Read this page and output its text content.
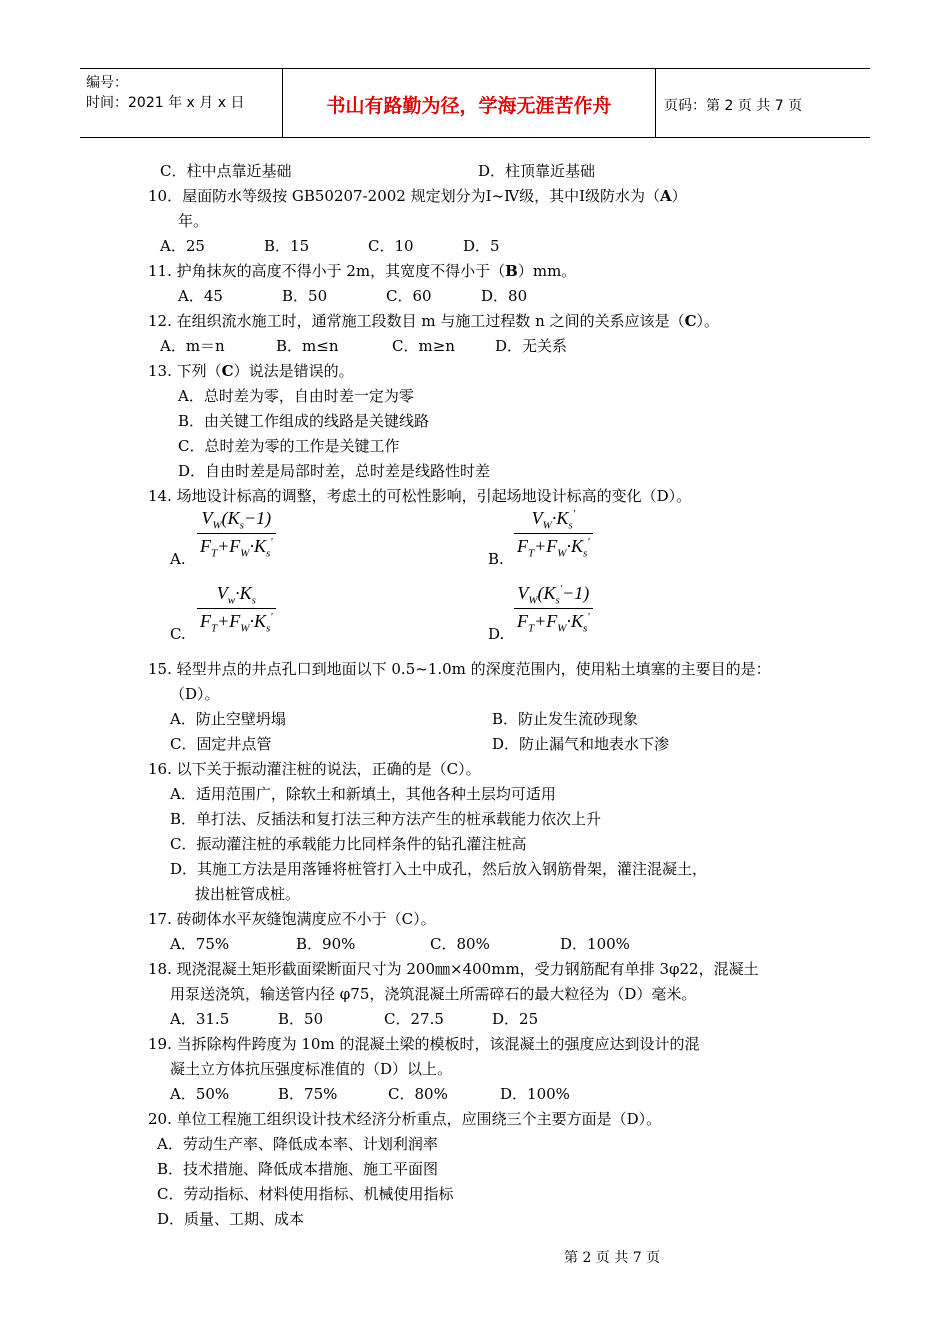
编号：
时间：2021 年 x 月 x 日	书山有路勤为径，学海无涯苦作舟	页码：第 2 页 共 7 页
C．柱中点靠近基础	D．柱顶靠近基础
10．屋面防水等级按 GB50207-2002 规定划分为Ⅰ~Ⅳ级，其中Ⅰ级防水为（A）
年。
A．25	B．15	C．10	D．5
11. 护角抹灰的高度不得小于 2m，其宽度不得小于（B）mm。
A．45	B．50	C．60	D．80
12. 在组织流水施工时，通常施工段数目 m 与施工过程数 n 之间的关系应该是（C）。
A．m＝n	B．m≤n	C．m≥n	D．无关系
13. 下列（C）说法是错误的。
A．总时差为零，自由时差一定为零
B．由关键工作组成的线路是关键线路
C．总时差为零的工作是关键工作
D．自由时差是局部时差，总时差是线路性时差
14. 场地设计标高的调整，考虑土的可松性影响，引起场地设计标高的变化（D）。
A. $\frac{V_W(K_s-1)}{F_T+F_W\cdot K_s'}$	B. $\frac{V_W\cdot K_s'}{F_T+F_W\cdot K_s'}$
C. $\frac{V_w\cdot K_s}{F_T+F_W\cdot K_s'}$	D. $\frac{V_W(K_s'-1)}{F_T+F_W\cdot K_s'}$
15. 轻型井点的井点孔口到地面以下 0.5~1.0m 的深度范围内，使用粘土填塞的主要目的是：
（D）。
A．防止空壁坍塌	B．防止发生流砂现象
C．固定井点管	D．防止漏气和地表水下渗
16. 以下关于振动灌注桩的说法，正确的是（C）。
A．适用范围广，除软土和新填土，其他各种土层均可适用
B．单打法、反插法和复打法三种方法产生的桩承载能力依次上升
C．振动灌注桩的承载能力比同样条件的钻孔灌注桩高
D．其施工方法是用落锤将桩管打入土中成孔，然后放入钢筋骨架，灌注混凝土，
拔出桩管成桩。
17. 砖砌体水平灰缝饱满度应不小于（C）。
A．75%	B．90%	C．80%	D．100%
18. 现浇混凝土矩形截面梁断面尺寸为 200㎜×400mm，受力钢筋配有单排 3φ22，混凝土
用泵送浇筑，输送管内径 φ75，浇筑混凝土所需碎石的最大粒径为（D）毫米。
A．31.5	B．50	C．27.5	D．25
19. 当拆除构件跨度为 10m 的混凝土梁的模板时，该混凝土的强度应达到设计的混
凝土立方体抗压强度标准值的（D）以上。
A．50%	B．75%	C．80%	D．100%
20. 单位工程施工组织设计技术经济分析重点，应围绕三个主要方面是（D）。
A．劳动生产率、降低成本率、计划利润率
B．技术措施、降低成本措施、施工平面图
C．劳动指标、材料使用指标、机械使用指标
D．质量、工期、成本
第 2 页 共 7 页
